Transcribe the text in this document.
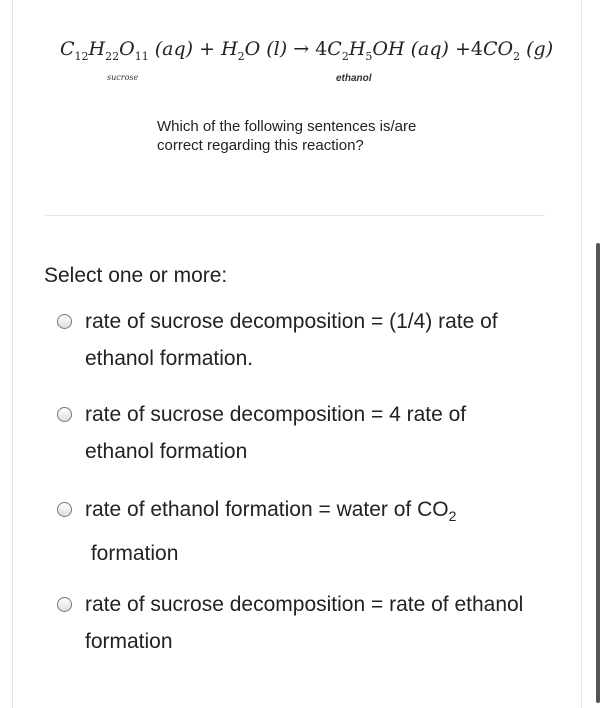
$C_{12}H_{22}O_{11}$ $(aq) + H_2O$ $(l) \to 4C_2H_5OH$ $(aq) +4CO_2$ (g)
sucrose	ethanol
Which of the following sentences is/are
correct regarding this reaction?
Select one or more:
rate of sucrose decomposition = (1/4) rate of ethanol formation.
rate of sucrose decomposition = 4 rate of ethanol formation
rate of ethanol formation = water of $CO_2$ formation
rate of sucrose decomposition = rate of ethanol formation
